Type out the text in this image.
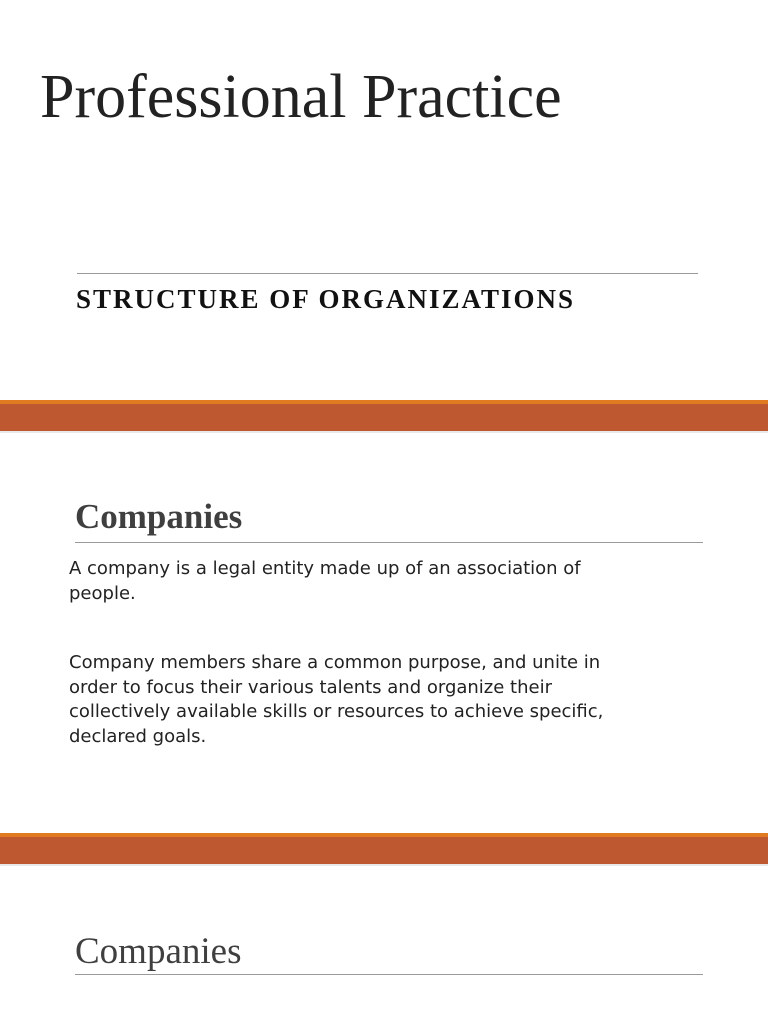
Professional Practice
STRUCTURE OF ORGANIZATIONS
Companies

A company is a legal entity made up of an association of people.

Company members share a common purpose, and unite in order to focus their various talents and organize their collectively available skills or resources to achieve specific, declared goals.

Companies
